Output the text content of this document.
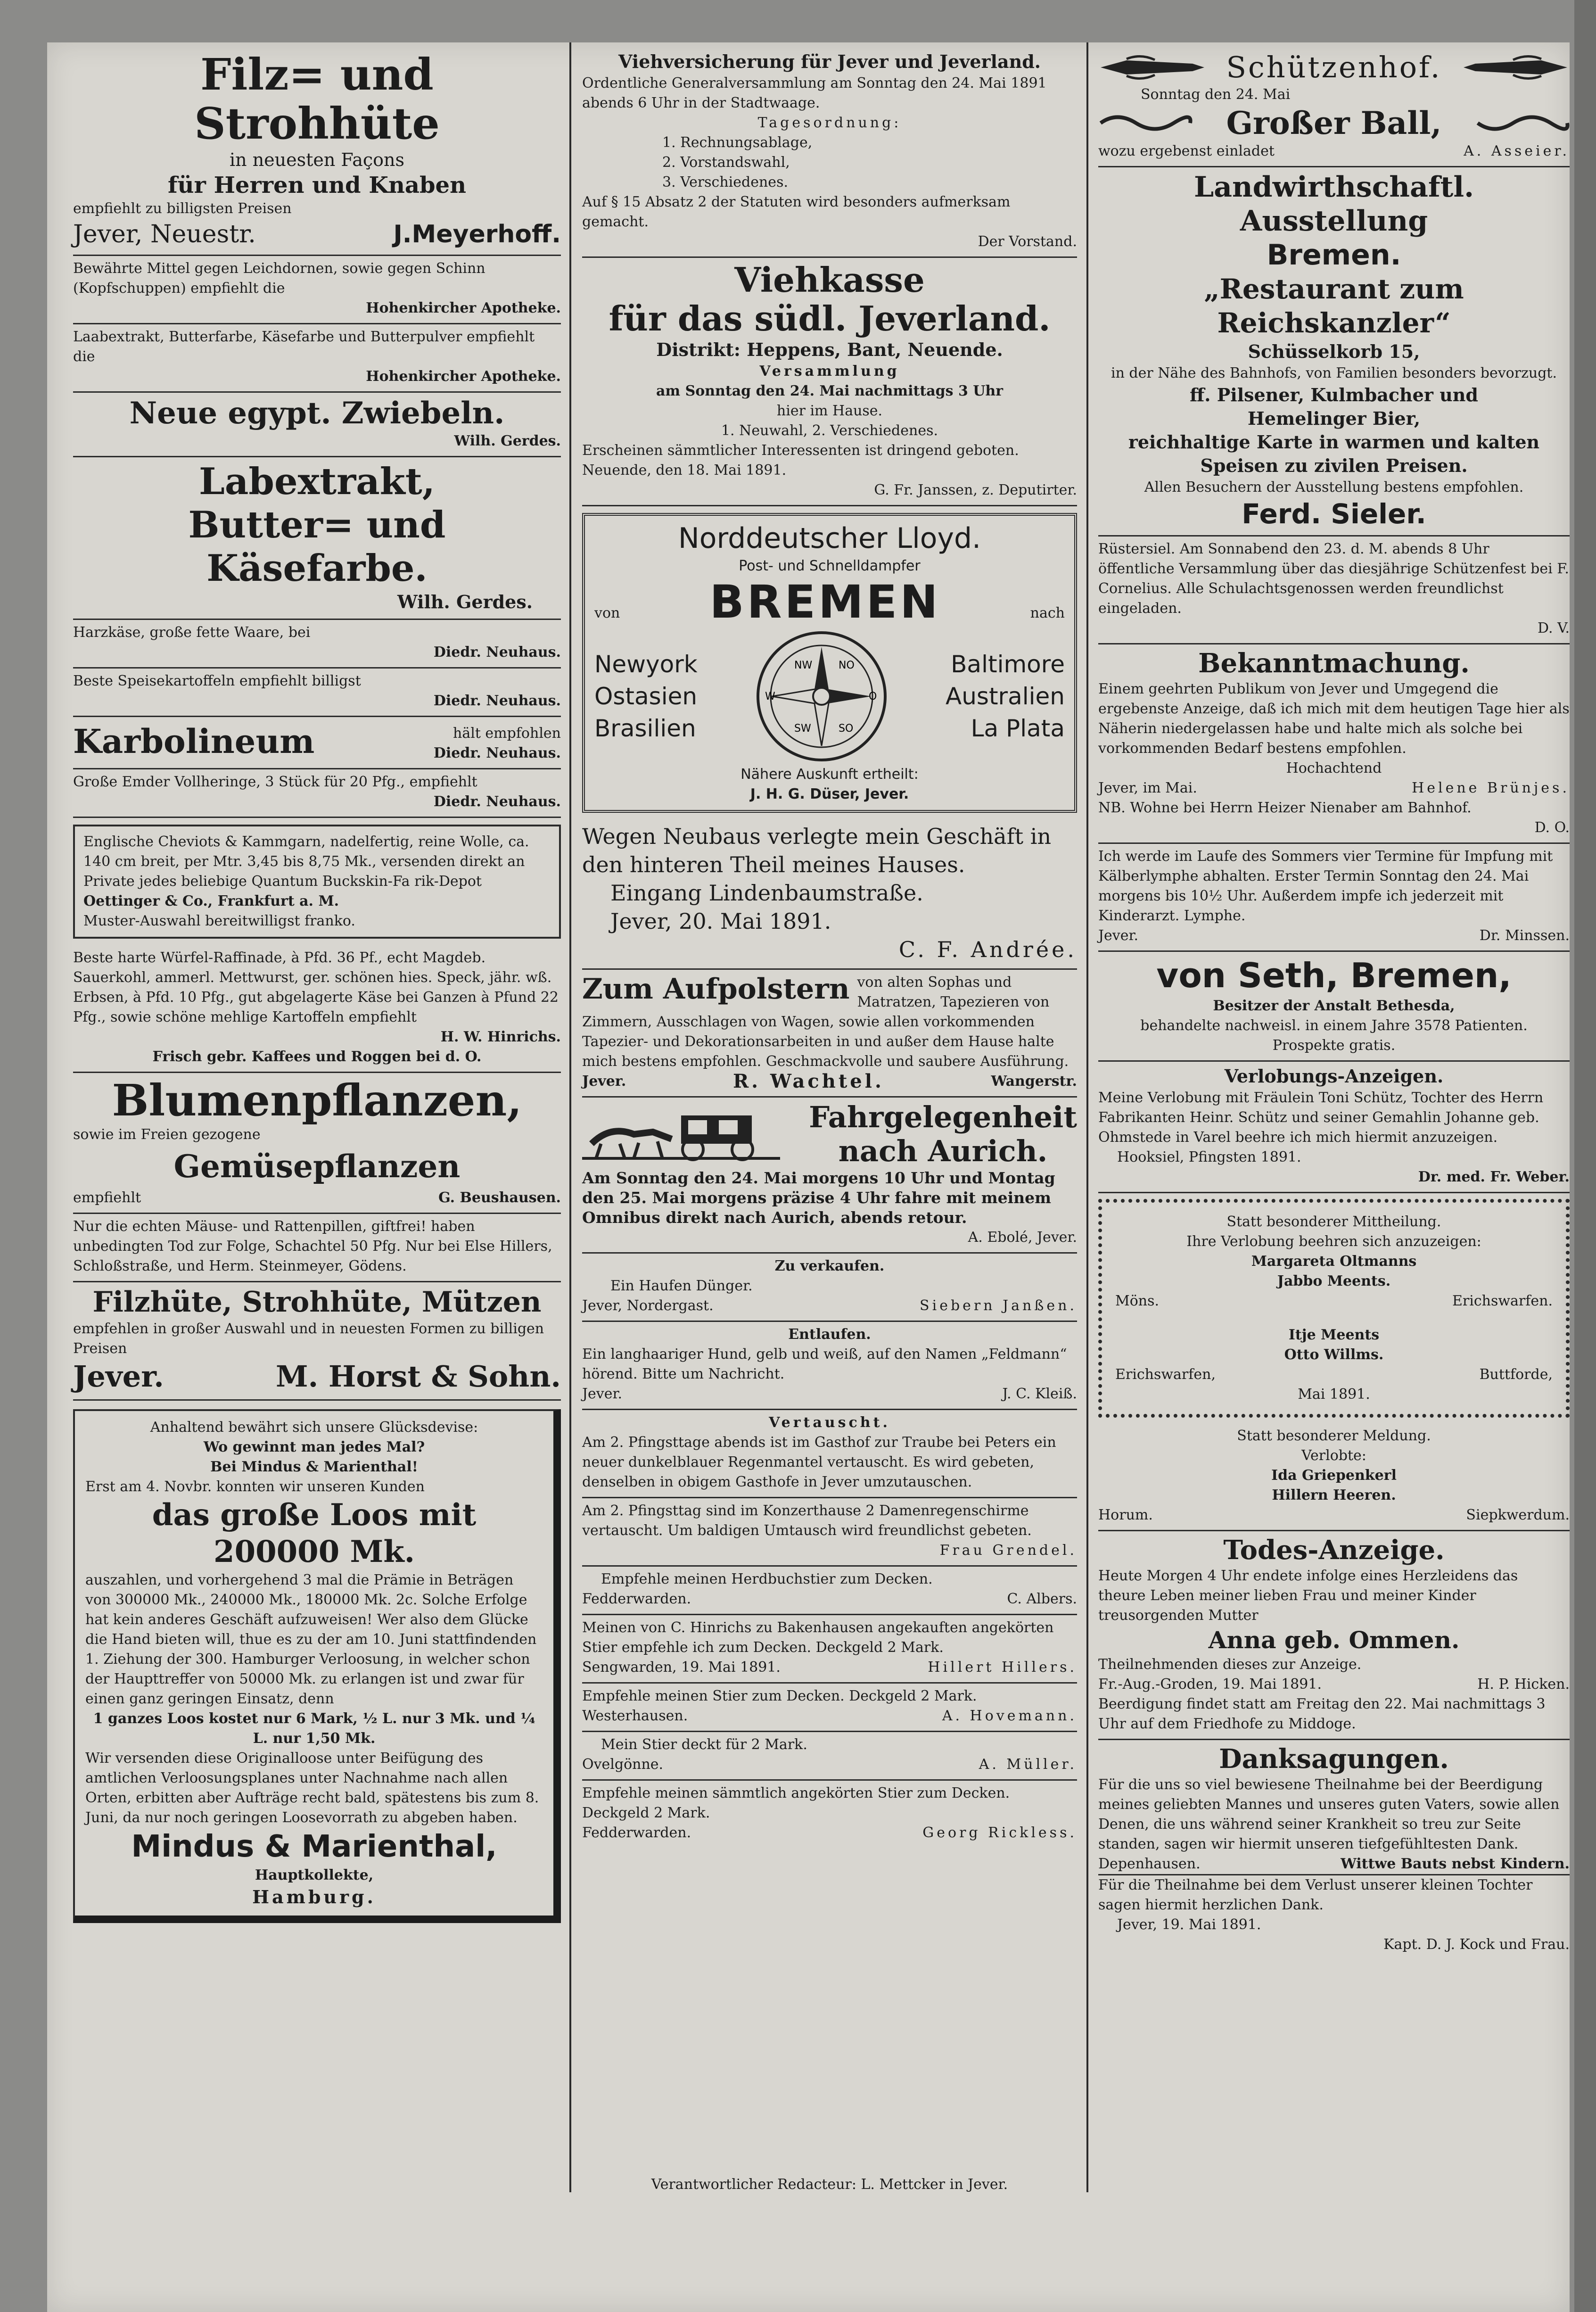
Filz= und Strohhüte
in neuesten Façons
für Herren und Knaben
empfiehlt zu billigsten Preisen
Jever, Neuestr.	J.Meyerhoff.
Bewährte Mittel gegen Leichdornen, sowie gegen Schinn (Kopfschuppen) empfiehlt die
Hohenkircher Apotheke.
Laabextrakt, Butterfarbe, Käsefarbe und Butterpulver empfiehlt die
Hohenkircher Apotheke.
Neue egypt. Zwiebeln.
Wilh. Gerdes.
Labextrakt,
Butter= und Käsefarbe.
Wilh. Gerdes.
Harzkäse, große fette Waare, bei
Diedr. Neuhaus.
Beste Speisekartoffeln empfiehlt billigst
Diedr. Neuhaus.
Karbolineum	hält empfohlen
Diedr. Neuhaus.
Große Emder Vollheringe, 3 Stück für 20 Pfg., empfiehlt
Diedr. Neuhaus.
Englische Cheviots & Kammgarn, nadelfertig, reine Wolle, ca. 140 cm breit, per Mtr. 3,45 bis 8,75 Mk., versenden direkt an Private jedes beliebige Quantum Buckskin-Fa rik-Depot
Oettinger & Co., Frankfurt a. M.
Muster-Auswahl bereitwilligst franko.
Beste harte Würfel-Raffinade, à Pfd. 36 Pf., echt Magdeb. Sauerkohl, ammerl. Mettwurst, ger. schönen hies. Speck, jähr. wß. Erbsen, à Pfd. 10 Pfg., gut abgelagerte Käse bei Ganzen à Pfund 22 Pfg., sowie schöne mehlige Kartoffeln empfiehlt
H. W. Hinrichs.
Frisch gebr. Kaffees und Roggen bei d. O.
Blumenpflanzen,
sowie im Freien gezogene
Gemüsepflanzen
empfiehlt	G. Beushausen.
Nur die echten Mäuse- und Rattenpillen, giftfrei! haben unbedingten Tod zur Folge, Schachtel 50 Pfg. Nur bei Else Hillers, Schloßstraße, und Herm. Steinmeyer, Gödens.
Filzhüte, Strohhüte, Mützen
empfehlen in großer Auswahl und in neuesten Formen zu billigen Preisen
Jever.	M. Horst & Sohn.
Anhaltend bewährt sich unsere Glücksdevise:
Wo gewinnt man jedes Mal?
Bei Mindus & Marienthal!
Erst am 4. Novbr. konnten wir unseren Kunden
das große Loos mit
200000 Mk.
auszahlen, und vorhergehend 3 mal die Prämie in Beträgen von 300000 Mk., 240000 Mk., 180000 Mk. 2c. Solche Erfolge hat kein anderes Geschäft aufzuweisen! Wer also dem Glücke die Hand bieten will, thue es zu der am 10. Juni stattfindenden 1. Ziehung der 300. Hamburger Verloosung, in welcher schon der Haupttreffer von 50000 Mk. zu erlangen ist und zwar für einen ganz geringen Einsatz, denn
1 ganzes Loos kostet nur 6 Mark, ½ L. nur 3 Mk. und ¼ L. nur 1,50 Mk.
Wir versenden diese Originalloose unter Beifügung des amtlichen Verloosungsplanes unter Nachnahme nach allen Orten, erbitten aber Aufträge recht bald, spätestens bis zum 8. Juni, da nur noch geringen Loosevorrath zu abgeben haben.
Mindus & Marienthal,
Hauptkollekte,
Hamburg.
Viehversicherung für Jever und Jeverland.
Ordentliche Generalversammlung am Sonntag den 24. Mai 1891 abends 6 Uhr in der Stadtwaage.
Tagesordnung:
1. Rechnungsablage,
2. Vorstandswahl,
3. Verschiedenes.
Auf § 15 Absatz 2 der Statuten wird besonders aufmerksam gemacht.
Der Vorstand.
Viehkasse
für das südl. Jeverland.
Distrikt: Heppens, Bant, Neuende.
Versammlung
am Sonntag den 24. Mai nachmittags 3 Uhr
hier im Hause.
1. Neuwahl, 2. Verschiedenes.
Erscheinen sämmtlicher Interessenten ist dringend geboten.
Neuende, den 18. Mai 1891.
G. Fr. Janssen, z. Deputirter.
Norddeutscher Lloyd.
Post- und Schnelldampfer
von BREMEN	nach
Newyork
Ostasien
Brasilien
NW	NO
W	O
SW	SO
Baltimore
Australien
La Plata
Nähere Auskunft ertheilt:
J. H. G. Düser, Jever.
Wegen Neubaus verlegte mein Geschäft in den hinteren Theil meines Hauses.
Eingang Lindenbaumstraße.
Jever, 20. Mai 1891.
C. F. Andrée.
Zum Aufpolstern von alten Sophas und Matratzen, Tapezieren von Zimmern, Ausschlagen von Wagen, sowie allen vorkommenden Tapezier- und Dekorationsarbeiten in und außer dem Hause halte mich bestens empfohlen. Geschmackvolle und saubere Ausführung.
Jever.	R. Wachtel.	Wangerstr.
Fahrgelegenheit
nach Aurich.
Am Sonntag den 24. Mai morgens 10 Uhr und Montag den 25. Mai morgens präzise 4 Uhr fahre mit meinem Omnibus direkt nach Aurich, abends retour.
A. Ebolé, Jever.
Zu verkaufen.
Ein Haufen Dünger.
Jever, Nordergast.	Siebern Janßen.
Entlaufen.
Ein langhaariger Hund, gelb und weiß, auf den Namen „Feldmann“ hörend. Bitte um Nachricht.
Jever.	J. C. Kleiß.
Vertauscht.
Am 2. Pfingsttage abends ist im Gasthof zur Traube bei Peters ein neuer dunkelblauer Regenmantel vertauscht. Es wird gebeten, denselben in obigem Gasthofe in Jever umzutauschen.
Am 2. Pfingsttag sind im Konzerthause 2 Damenregenschirme vertauscht. Um baldigen Umtausch wird freundlichst gebeten.
Frau Grendel.
Empfehle meinen Herdbuchstier zum Decken.
Fedderwarden.	C. Albers.
Meinen von C. Hinrichs zu Bakenhausen angekauften angekörten Stier empfehle ich zum Decken. Deckgeld 2 Mark.
Sengwarden, 19. Mai 1891.	Hillert Hillers.
Empfehle meinen Stier zum Decken. Deckgeld 2 Mark.
Westerhausen.	A. Hovemann.
Mein Stier deckt für 2 Mark.
Ovelgönne.	A. Müller.
Empfehle meinen sämmtlich angekörten Stier zum Decken. Deckgeld 2 Mark.
Fedderwarden.	Georg Rickless.
Verantwortlicher Redacteur: L. Mettcker in Jever.
Schützenhof.
Sonntag den 24. Mai
Großer Ball,
wozu ergebenst einladet	A. Asseier.
Landwirthschaftl. Ausstellung
Bremen.
„Restaurant zum Reichskanzler“
Schüsselkorb 15,
in der Nähe des Bahnhofs, von Familien besonders bevorzugt.
ff. Pilsener, Kulmbacher und
Hemelinger Bier,
reichhaltige Karte in warmen und kalten
Speisen zu zivilen Preisen.
Allen Besuchern der Ausstellung bestens empfohlen.
Ferd. Sieler.
Rüstersiel. Am Sonnabend den 23. d. M. abends 8 Uhr öffentliche Versammlung über das diesjährige Schützenfest bei F. Cornelius. Alle Schulachtsgenossen werden freundlichst eingeladen.
D. V.
Bekanntmachung.
Einem geehrten Publikum von Jever und Umgegend die ergebenste Anzeige, daß ich mich mit dem heutigen Tage hier als Näherin niedergelassen habe und halte mich als solche bei vorkommenden Bedarf bestens empfohlen.
Hochachtend
Jever, im Mai.	Helene Brünjes.
NB. Wohne bei Herrn Heizer Nienaber am Bahnhof.
D. O.
Ich werde im Laufe des Sommers vier Termine für Impfung mit Kälberlymphe abhalten. Erster Termin Sonntag den 24. Mai morgens bis 10½ Uhr. Außerdem impfe ich jederzeit mit Kinderarzt. Lymphe.
Jever.	Dr. Minssen.
von Seth, Bremen,
Besitzer der Anstalt Bethesda,
behandelte nachweisl. in einem Jahre 3578 Patienten.
Prospekte gratis.
Verlobungs-Anzeigen.
Meine Verlobung mit Fräulein Toni Schütz, Tochter des Herrn Fabrikanten Heinr. Schütz und seiner Gemahlin Johanne geb. Ohmstede in Varel beehre ich mich hiermit anzuzeigen.
Hooksiel, Pfingsten 1891.
Dr. med. Fr. Weber.
Statt besonderer Mittheilung.
Ihre Verlobung beehren sich anzuzeigen:
Margareta Oltmanns
Jabbo Meents.
Möns.	Erichswarfen.
Itje Meents
Otto Willms.
Erichswarfen,	Buttforde,
Mai 1891.
Statt besonderer Meldung.
Verlobte:
Ida Griepenkerl
Hillern Heeren.
Horum.	Siepkwerdum.
Todes-Anzeige.
Heute Morgen 4 Uhr endete infolge eines Herzleidens das theure Leben meiner lieben Frau und meiner Kinder treusorgenden Mutter
Anna geb. Ommen.
Theilnehmenden dieses zur Anzeige.
Fr.-Aug.-Groden, 19. Mai 1891.	H. P. Hicken.
Beerdigung findet statt am Freitag den 22. Mai nachmittags 3 Uhr auf dem Friedhofe zu Middoge.
Danksagungen.
Für die uns so viel bewiesene Theilnahme bei der Beerdigung meines geliebten Mannes und unseres guten Vaters, sowie allen Denen, die uns während seiner Krankheit so treu zur Seite standen, sagen wir hiermit unseren tiefgefühltesten Dank.
Depenhausen.	Wittwe Bauts nebst Kindern.
Für die Theilnahme bei dem Verlust unserer kleinen Tochter sagen hiermit herzlichen Dank.
Jever, 19. Mai 1891.
Kapt. D. J. Kock und Frau.
